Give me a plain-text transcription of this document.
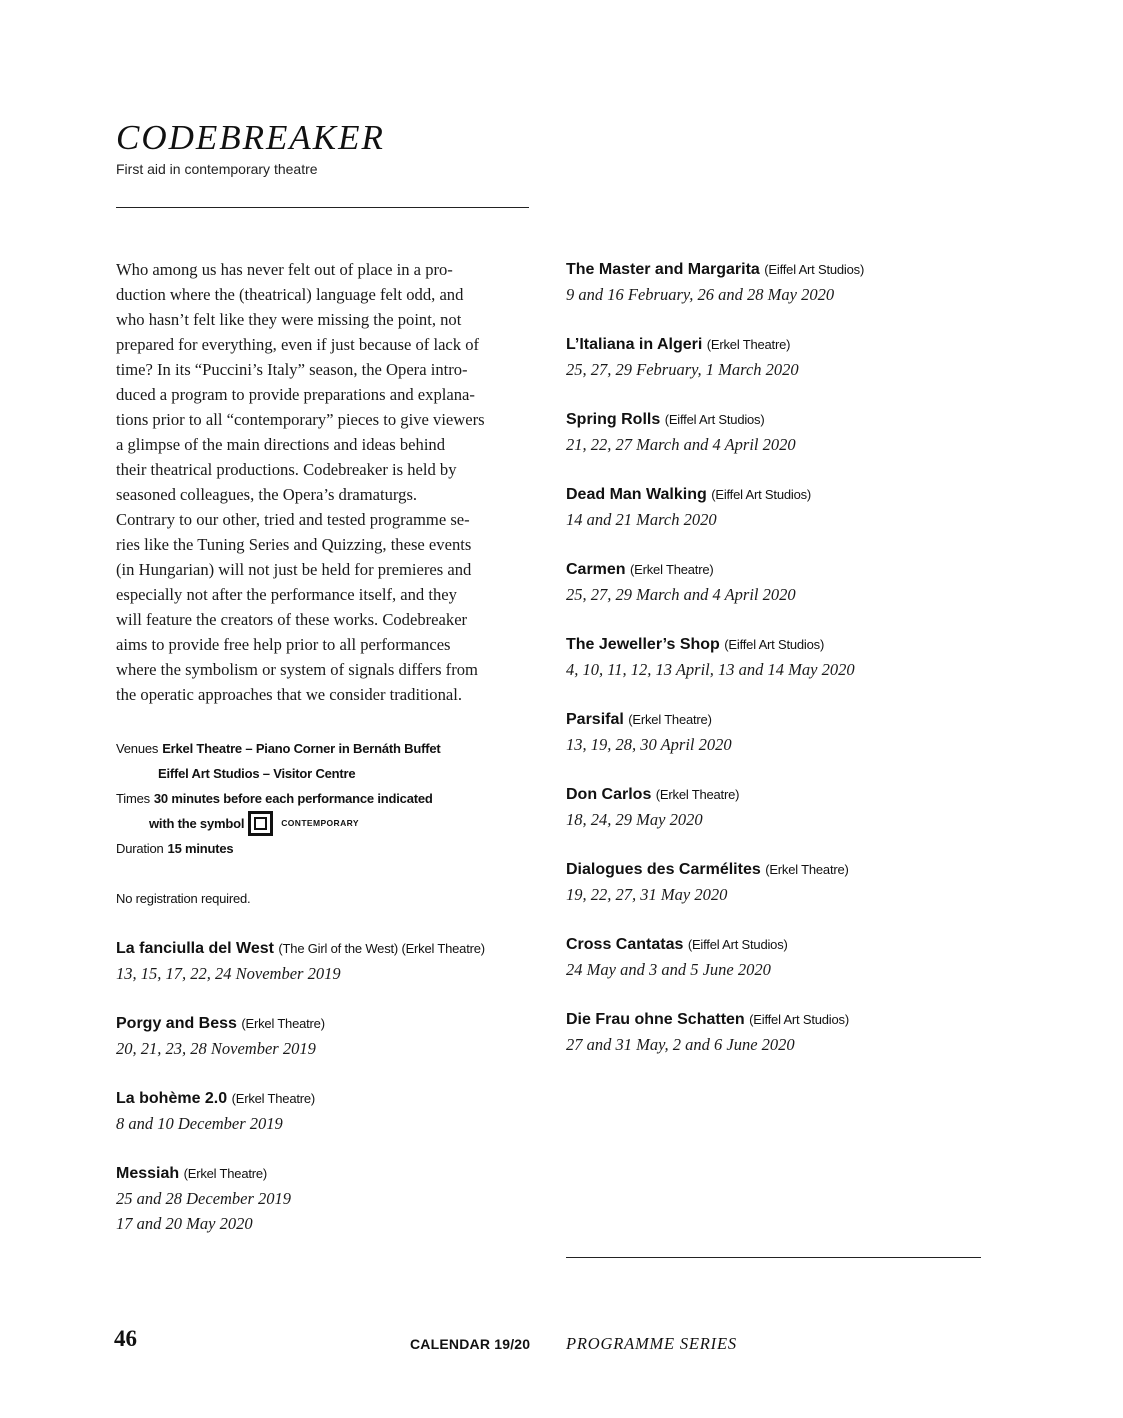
CODEBREAKER
First aid in contemporary theatre

Who among us has never felt out of place in a pro-
duction where the (theatrical) language felt odd, and
who hasn’t felt like they were missing the point, not
prepared for everything, even if just because of lack of
time? In its “Puccini’s Italy” season, the Opera intro-
duced a program to provide preparations and explana-
tions prior to all “contemporary” pieces to give viewers
a glimpse of the main directions and ideas behind
their theatrical productions. Codebreaker is held by
seasoned colleagues, the Opera’s dramaturgs.
Contrary to our other, tried and tested programme se-
ries like the Tuning Series and Quizzing, these events
(in Hungarian) will not just be held for premieres and
especially not after the performance itself, and they
will feature the creators of these works. Codebreaker
aims to provide free help prior to all performances
where the symbolism or system of signals differs from
the operatic approaches that we consider traditional.

Venues Erkel Theatre – Piano Corner in Bernáth Buffet
Eiffel Art Studios – Visitor Centre
Times 30 minutes before each performance indicated
with the symbol	CONTEMPORARY
Duration 15 minutes
No registration required.
La fanciulla del West (The Girl of the West) (Erkel Theatre)
13, 15, 17, 22, 24 November 2019
Porgy and Bess (Erkel Theatre)
20, 21, 23, 28 November 2019
La bohème 2.0 (Erkel Theatre)
8 and 10 December 2019
Messiah (Erkel Theatre)
25 and 28 December 2019
17 and 20 May 2020
The Master and Margarita (Eiffel Art Studios)
9 and 16 February, 26 and 28 May 2020
L’Italiana in Algeri (Erkel Theatre)
25, 27, 29 February, 1 March 2020
Spring Rolls (Eiffel Art Studios)
21, 22, 27 March and 4 April 2020
Dead Man Walking (Eiffel Art Studios)
14 and 21 March 2020
Carmen (Erkel Theatre)
25, 27, 29 March and 4 April 2020
The Jeweller’s Shop (Eiffel Art Studios)
4, 10, 11, 12, 13 April, 13 and 14 May 2020
Parsifal (Erkel Theatre)
13, 19, 28, 30 April 2020
Don Carlos (Erkel Theatre)
18, 24, 29 May 2020
Dialogues des Carmélites (Erkel Theatre)
19, 22, 27, 31 May 2020
Cross Cantatas (Eiffel Art Studios)
24 May and 3 and 5 June 2020
Die Frau ohne Schatten (Eiffel Art Studios)
27 and 31 May, 2 and 6 June 2020
46	CALENDAR 19/20 PROGRAMME SERIES
